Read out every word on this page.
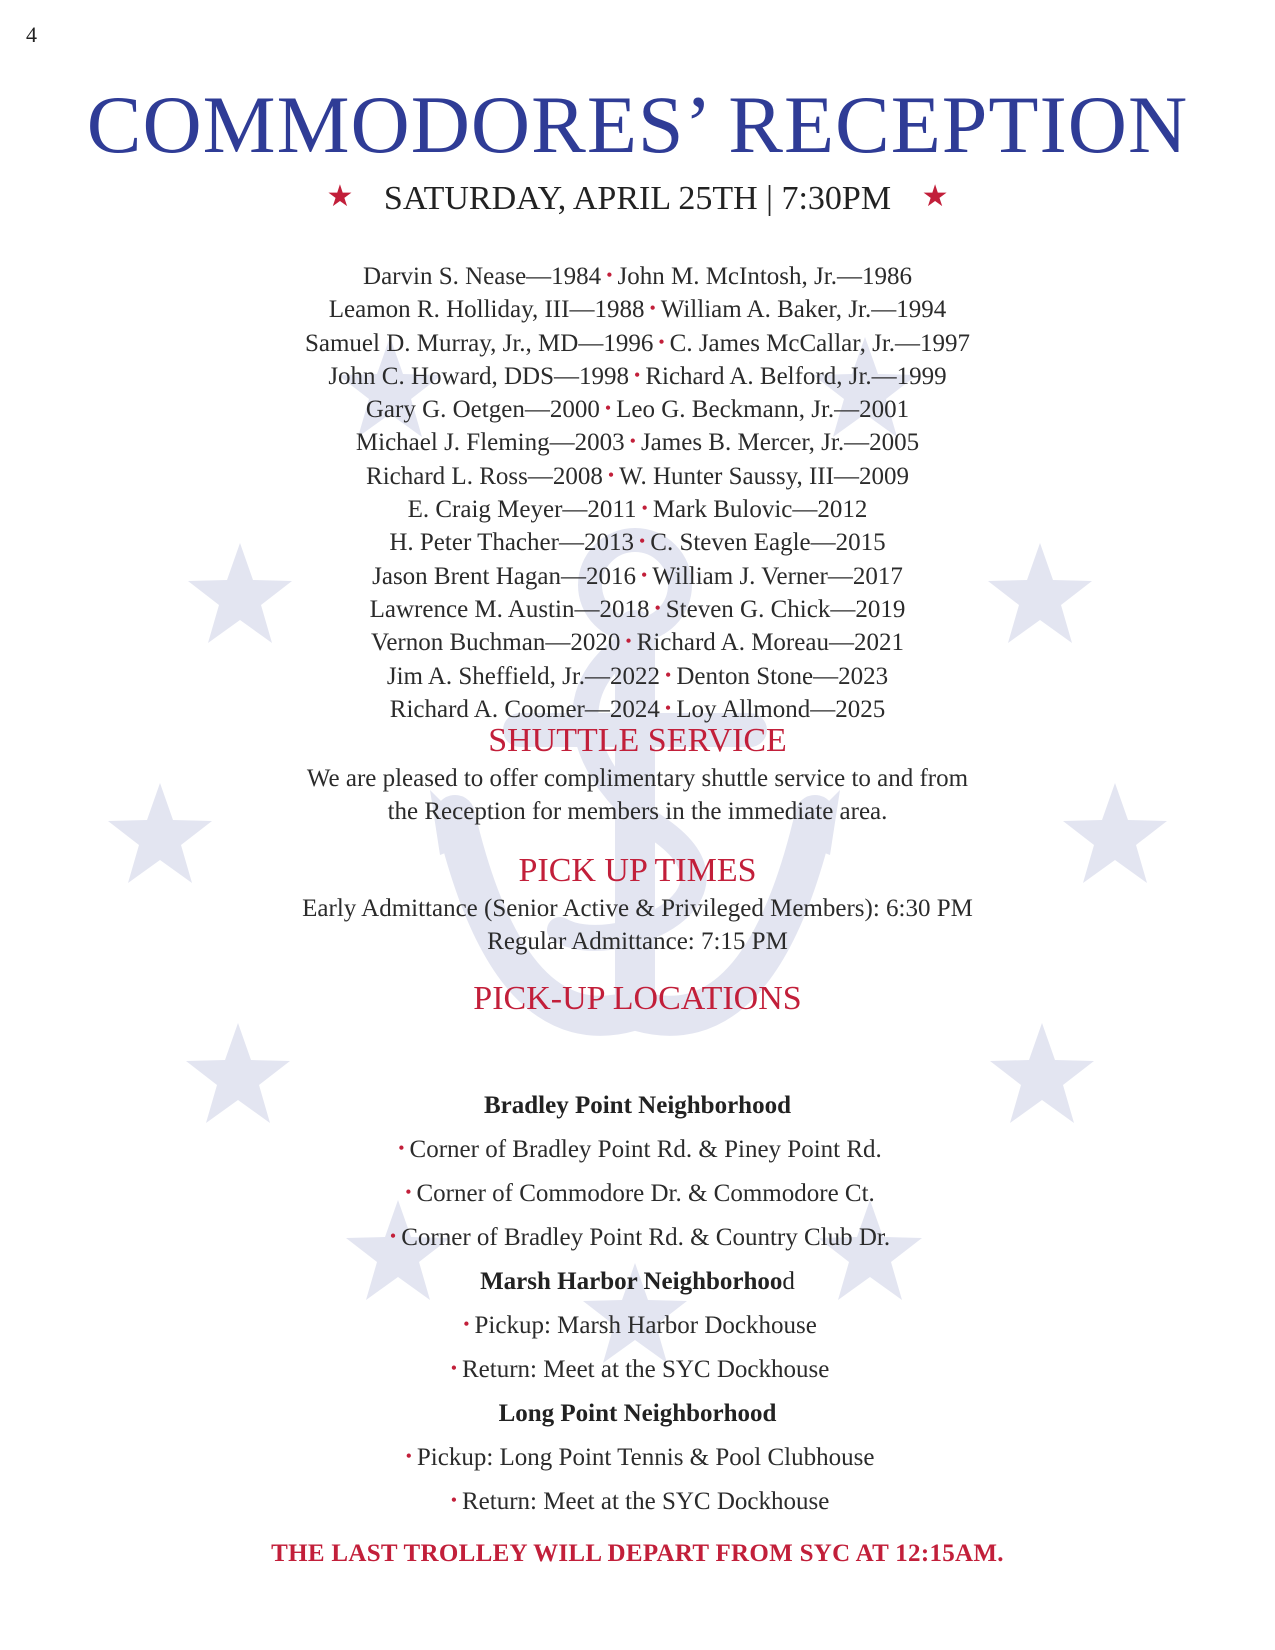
4
COMMODORES’ RECEPTION
★ SATURDAY, APRIL 25TH | 7:30PM ★
Darvin S. Nease—1984 • John M. McIntosh, Jr.—1986
Leamon R. Holliday, III—1988 • William A. Baker, Jr.—1994
Samuel D. Murray, Jr., MD—1996 • C. James McCallar, Jr.—1997
John C. Howard, DDS—1998 • Richard A. Belford, Jr.—1999
Gary G. Oetgen—2000 • Leo G. Beckmann, Jr.—2001
Michael J. Fleming—2003 • James B. Mercer, Jr.—2005
Richard L. Ross—2008 • W. Hunter Saussy, III—2009
E. Craig Meyer—2011 • Mark Bulovic—2012
H. Peter Thacher—2013 • C. Steven Eagle—2015
Jason Brent Hagan—2016 • William J. Verner—2017
Lawrence M. Austin—2018 • Steven G. Chick—2019
Vernon Buchman—2020 • Richard A. Moreau—2021
Jim A. Sheffield, Jr.—2022 • Denton Stone—2023
Richard A. Coomer—2024 • Loy Allmond—2025
SHUTTLE SERVICE

We are pleased to offer complimentary shuttle service to and from

the Reception for members in the immediate area.

PICK UP TIMES

Early Admittance (Senior Active & Privileged Members): 6:30 PM

Regular Admittance: 7:15 PM

PICK-UP LOCATIONS
Bradley Point Neighborhood
• Corner of Bradley Point Rd. & Piney Point Rd.
• Corner of Commodore Dr. & Commodore Ct.
• Corner of Bradley Point Rd. & Country Club Dr.
Marsh Harbor Neighborhood
• Pickup: Marsh Harbor Dockhouse
• Return: Meet at the SYC Dockhouse
Long Point Neighborhood
• Pickup: Long Point Tennis & Pool Clubhouse
• Return: Meet at the SYC Dockhouse
THE LAST TROLLEY WILL DEPART FROM SYC AT 12:15AM.
